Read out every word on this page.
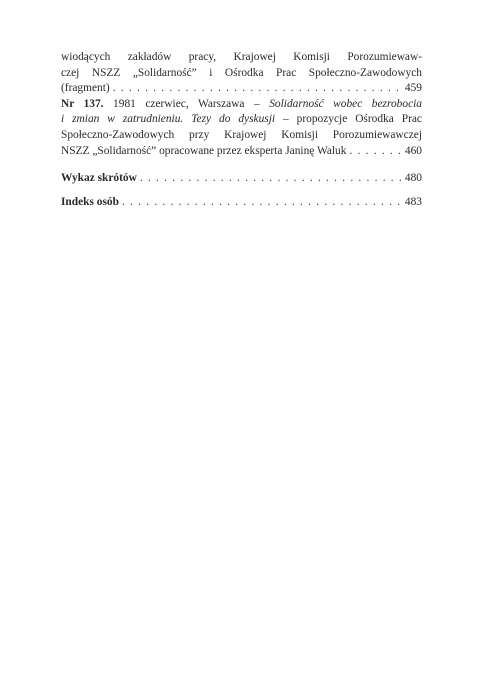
wiodących zakładów pracy, Krajowej Komisji Porozumiewaw-
czej NSZZ „Solidarność” i Ośrodka Prac Społeczno-Zawodowych
(fragment) . . .	459
Nr 137. 1981 czerwiec, Warszawa – Solidarność wobec bezrobocia
i zmian w zatrudnieniu. Tezy do dyskusji – propozycje Ośrodka Prac
Społeczno-Zawodowych przy Krajowej Komisji Porozumiewawczej
NSZZ „Solidarność” opracowane przez eksperta Janinę Waluk . . .	460
Wykaz skrótów . . .	480
Indeks osób . . .	483
